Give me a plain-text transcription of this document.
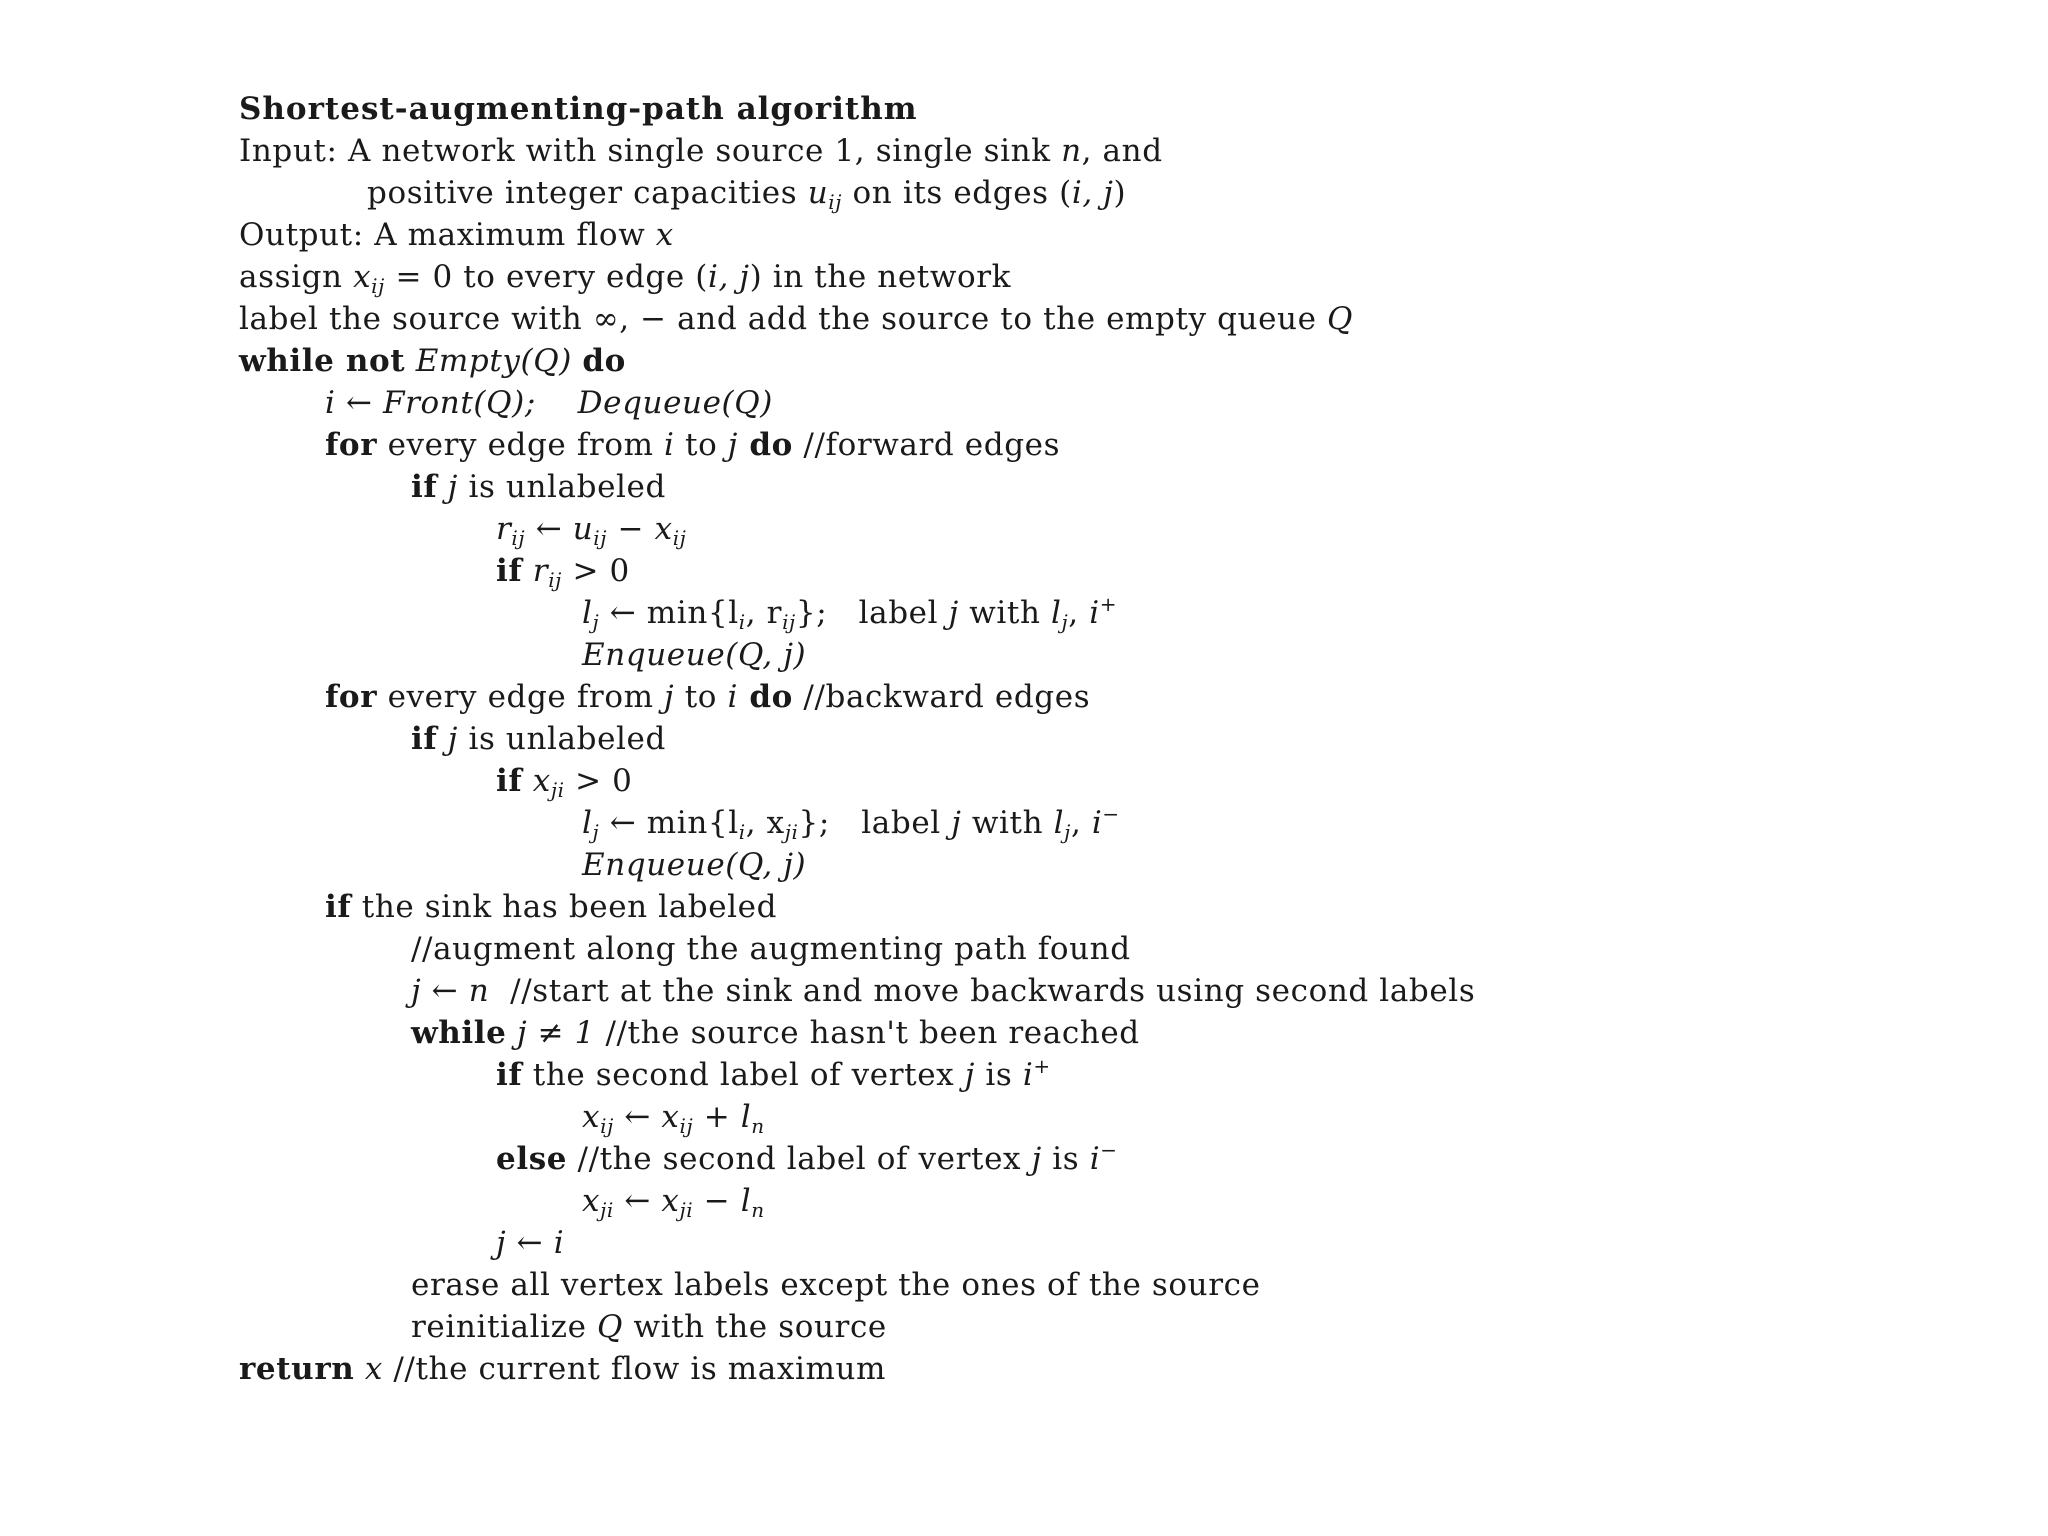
Shortest-augmenting-path algorithm
Input: A network with single source 1, single sink n, and
positive integer capacities $u_{ij}$ on its edges (i, j)
Output: A maximum flow x
assign $x_{ij} = 0$ to every edge (i, j) in the network
label the source with ∞, − and add the source to the empty queue Q
while not Empty(Q) do
i ← Front(Q);    Dequeue(Q)
for every edge from i to j do //forward edges
if j is unlabeled
$r_{ij}$ ← $u_{ij} - x_{ij}$
if $r_{ij} > 0$
$l_j$ ← $\min\{l_i$, $r_{ij}$};   label j with $l_j$, i+
Enqueue(Q, j)
for every edge from j to i do //backward edges
if j is unlabeled
if $x_{ji} > 0$
$l_j$ ← $\min\{l_i$, $x_{ji}$};   label j with $l_j$, i−
Enqueue(Q, j)
if the sink has been labeled
//augment along the augmenting path found
j ← n  //start at the sink and move backwards using second labels
while j ≠ 1 //the source hasn't been reached
if the second label of vertex j is i+
$x_{ij}$ ← $x_{ij} + l_n$
else //the second label of vertex j is i−
$x_{ji}$ ← $x_{ji} - l_n$
j ← i
erase all vertex labels except the ones of the source
reinitialize Q with the source
return x //the current flow is maximum
